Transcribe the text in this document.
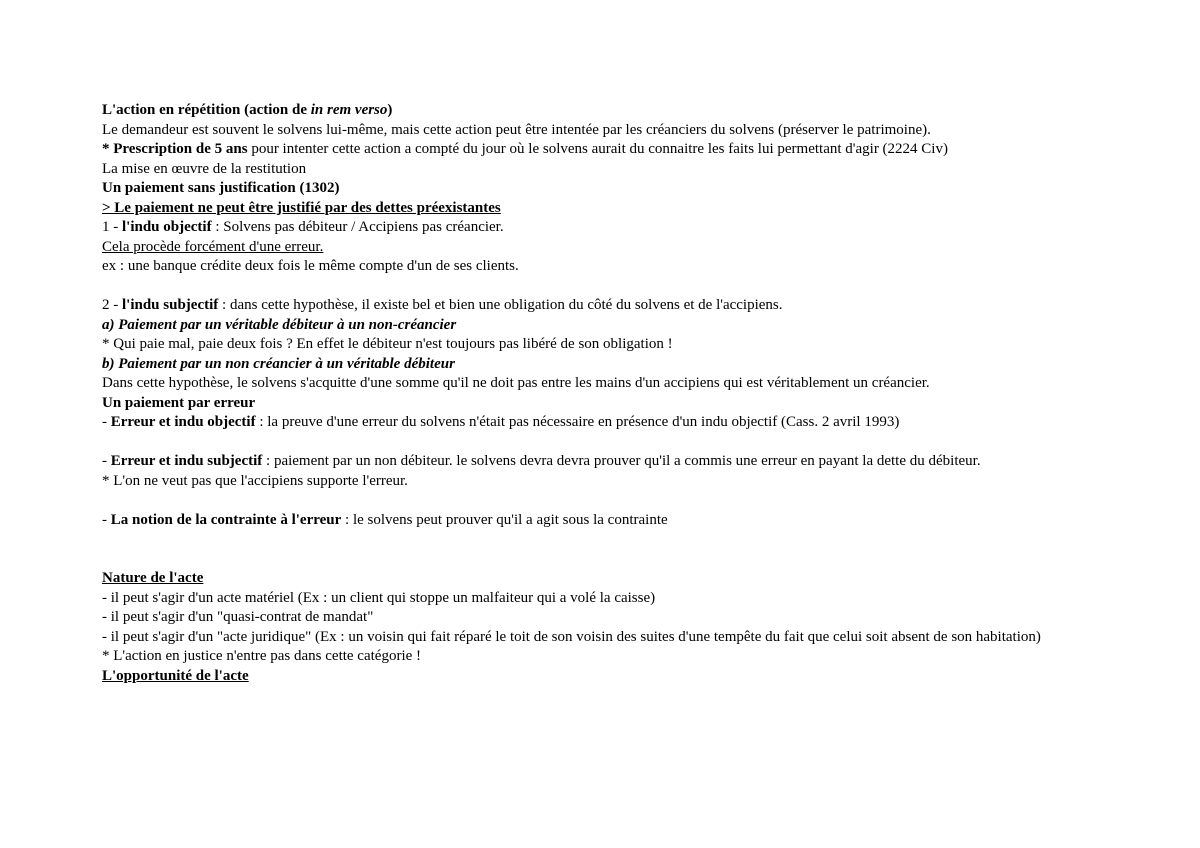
L'action en répétition (action de in rem verso)
Le demandeur est souvent le solvens lui-même, mais cette action peut être intentée par les créanciers du solvens (préserver le patrimoine).
* Prescription de 5 ans pour intenter cette action a compté du jour où le solvens aurait du connaitre les faits lui permettant d'agir (2224 Civ)
La mise en œuvre de la restitution
Un paiement sans justification (1302)
> Le paiement ne peut être justifié par des dettes préexistantes
1 - l'indu objectif : Solvens pas débiteur / Accipiens pas créancier.
Cela procède forcément d'une erreur.
ex : une banque crédite deux fois le même compte d'un de ses clients.
2 - l'indu subjectif : dans cette hypothèse, il existe bel et bien une obligation du côté du solvens et de l'accipiens.
a) Paiement par un véritable débiteur à un non-créancier
* Qui paie mal, paie deux fois ? En effet le débiteur n'est toujours pas libéré de son obligation !
b) Paiement par un non créancier à un véritable débiteur
Dans cette hypothèse, le solvens s'acquitte d'une somme qu'il ne doit pas entre les mains d'un accipiens qui est véritablement un créancier.
Un paiement par erreur
- Erreur et indu objectif : la preuve d'une erreur du solvens n'était pas nécessaire en présence d'un indu objectif (Cass. 2 avril 1993)
- Erreur et indu subjectif : paiement par un non débiteur. le solvens devra devra prouver qu'il a commis une erreur en payant la dette du débiteur.
* L'on ne veut pas que l'accipiens supporte l'erreur.
- La notion de la contrainte à l'erreur : le solvens peut prouver qu'il a agit sous la contrainte
Nature de l'acte
- il peut s'agir d'un acte matériel (Ex : un client qui stoppe un malfaiteur qui a volé la caisse)
- il peut s'agir d'un "quasi-contrat de mandat"
- il peut s'agir d'un "acte juridique" (Ex : un voisin qui fait réparé le toit de son voisin des suites d'une tempête du fait que celui soit absent de son habitation)
* L'action en justice n'entre pas dans cette catégorie !
L'opportunité de l'acte
